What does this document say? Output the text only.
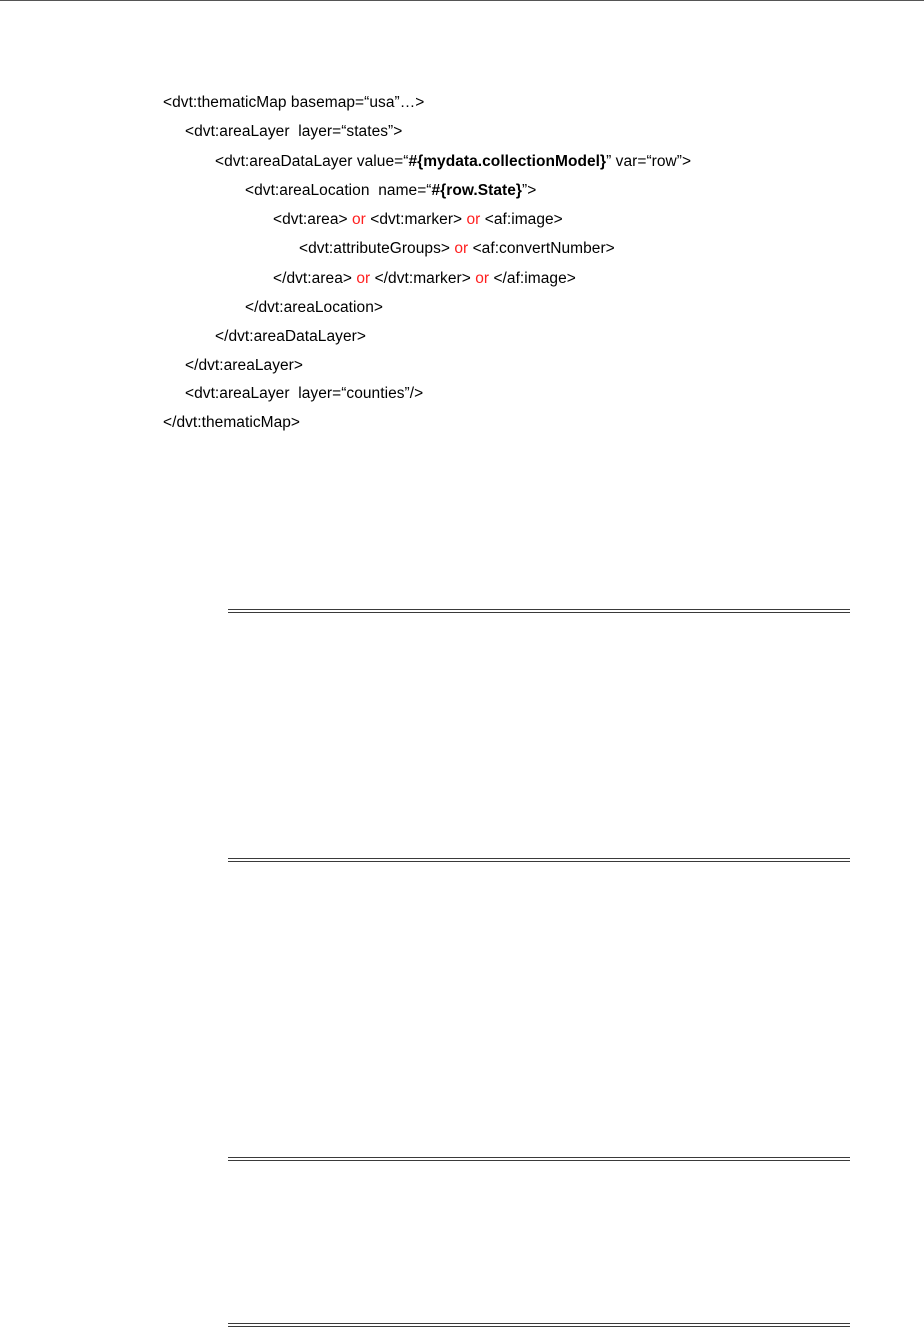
<dvt:thematicMap basemap=“usa”…>
<dvt:areaLayer  layer=“states”>
<dvt:areaDataLayer value=“#{mydata.collectionModel}” var=“row”>
<dvt:areaLocation  name=“#{row.State}”>
<dvt:area> or <dvt:marker> or <af:image>
<dvt:attributeGroups> or <af:convertNumber>
</dvt:area> or </dvt:marker> or </af:image>
</dvt:areaLocation>
</dvt:areaDataLayer>
</dvt:areaLayer>
<dvt:areaLayer  layer=“counties”/>
</dvt:thematicMap>
